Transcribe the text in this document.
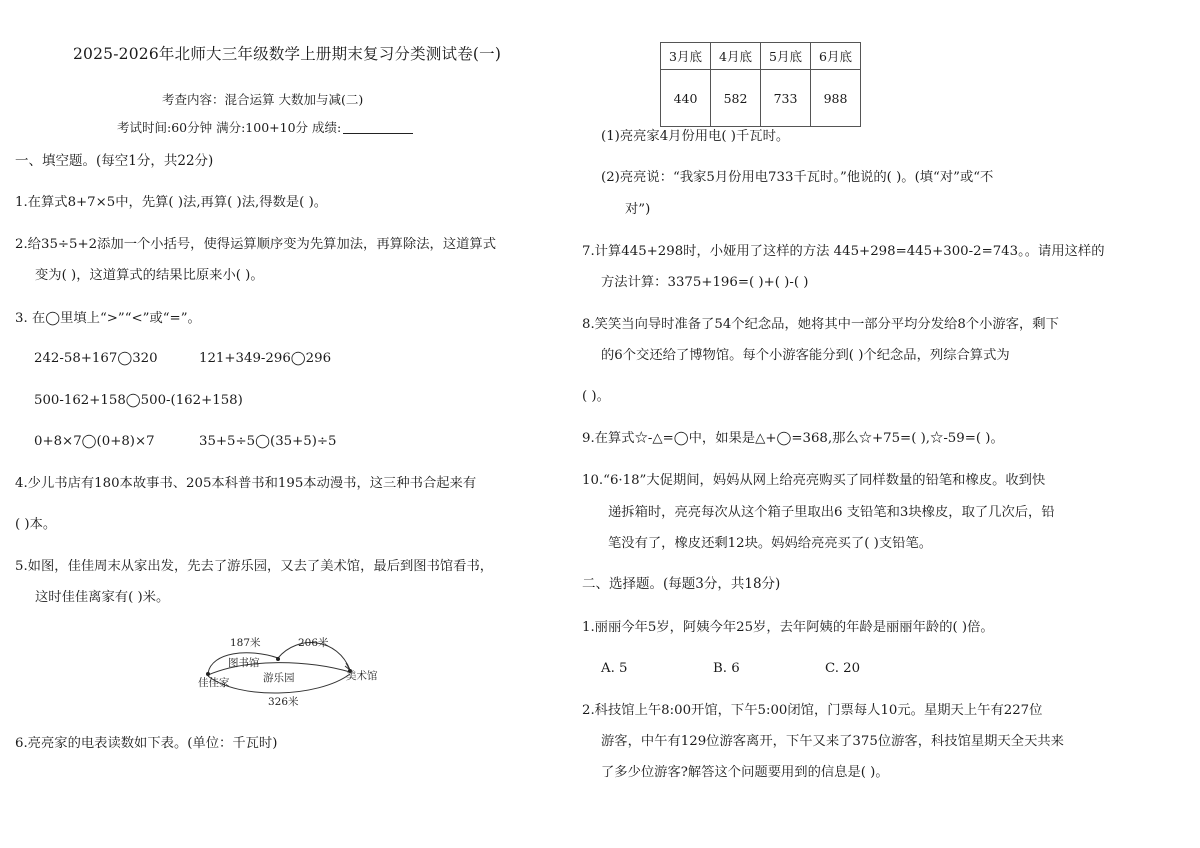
2025-2026年北师大三年级数学上册期末复习分类测试卷(一)
考查内容：混合运算 大数加与减(二)
考试时间:60分钟 满分:100+10分 成绩:
一、填空题。(每空1分，共22分)
1.在算式8+7×5中，先算( )法,再算( )法,得数是( )。
2.给35÷5+2添加一个小括号，使得运算顺序变为先算加法，再算除法，这道算式
变为( )，这道算式的结果比原来小( )。
3. 在◯里填上“>”“<”或“=”。
242-58+167◯320	121+349-296◯296
500-162+158◯500-(162+158)
0+8×7◯(0+8)×7	35+5÷5◯(35+5)÷5
4.少儿书店有180本故事书、205本科普书和195本动漫书，这三种书合起来有
( )本。
5.如图，佳佳周末从家出发，先去了游乐园，又去了美术馆，最后到图书馆看书，
这时佳佳离家有( )米。
187米	206米
图书馆
佳佳家	游乐园	美术馆
326米
6.亮亮家的电表读数如下表。(单位：千瓦时)
3月底	4月底	5月底	6月底
440	582	733	988
(1)亮亮家4月份用电( )千瓦时。
(2)亮亮说：“我家5月份用电733千瓦时。”他说的( )。(填“对”或“不
对”)
7.计算445+298时，小娅用了这样的方法 445+298=445+300-2=743。。请用这样的
方法计算：3375+196=( )+( )-( )
8.笑笑当向导时准备了54个纪念品，她将其中一部分平均分发给8个小游客，剩下
的6个交还给了博物馆。每个小游客能分到( )个纪念品，列综合算式为
( )。
9.在算式☆-△=◯中，如果是△+◯=368,那么☆+75=( ),☆-59=( )。
10.“6·18”大促期间，妈妈从网上给亮亮购买了同样数量的铅笔和橡皮。收到快
递拆箱时，亮亮每次从这个箱子里取出6 支铅笔和3块橡皮，取了几次后，铅
笔没有了，橡皮还剩12块。妈妈给亮亮买了( )支铅笔。
二、选择题。(每题3分，共18分)
1.丽丽今年5岁，阿姨今年25岁，去年阿姨的年龄是丽丽年龄的( )倍。
A. 5	B. 6	C. 20
2.科技馆上午8:00开馆，下午5:00闭馆，门票每人10元。星期天上午有227位
游客，中午有129位游客离开，下午又来了375位游客，科技馆星期天全天共来
了多少位游客?解答这个问题要用到的信息是( )。
